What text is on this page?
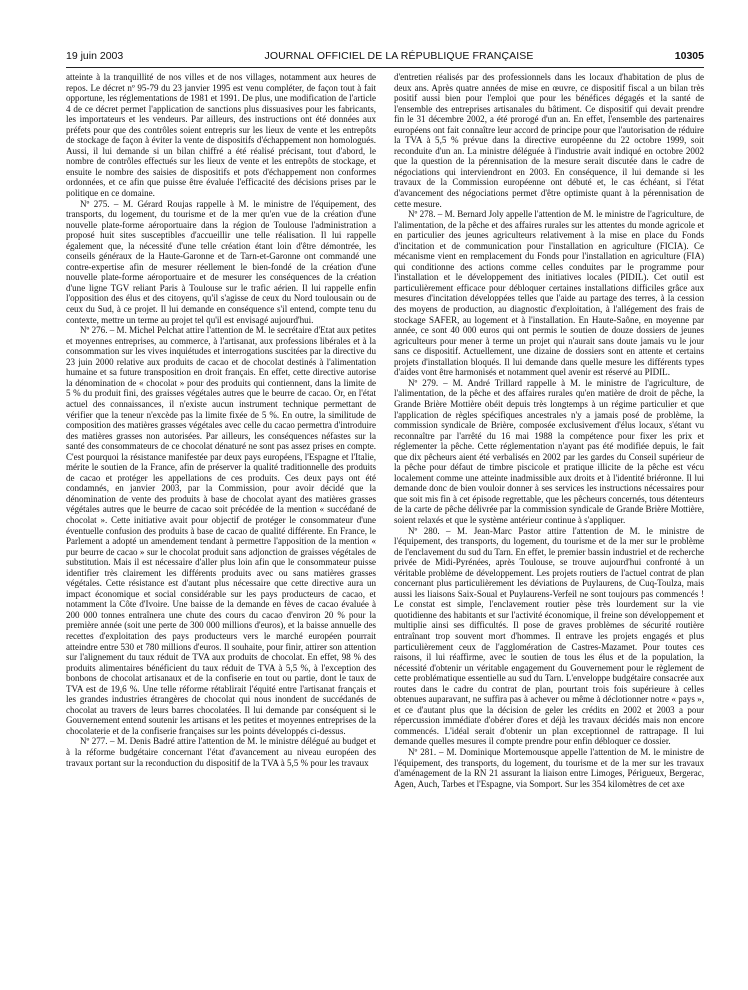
19 juin 2003	JOURNAL OFFICIEL DE LA RÉPUBLIQUE FRANÇAISE	10305

atteinte à la tranquillité de nos villes et de nos villages, notamment aux heures de repos. Le décret nº 95-79 du 23 janvier 1995 est venu compléter, de façon tout à fait opportune, les réglementations de 1981 et 1991. De plus, une modification de l'article 4 de ce décret permet l'application de sanctions plus dissuasives pour les fabricants, les importateurs et les vendeurs. Par ailleurs, des instructions ont été données aux préfets pour que des contrôles soient entrepris sur les lieux de vente et les entrepôts de stockage de façon à éviter la vente de dispositifs d'échappement non homologués. Aussi, il lui demande si un bilan chiffré a été réalisé précisant, tout d'abord, le nombre de contrôles effectués sur les lieux de vente et les entrepôts de stockage, et ensuite le nombre des saisies de dispositifs et pots d'échappement non conformes ordonnées, et ce afin que puisse être évaluée l'efficacité des décisions prises par le politique en ce domaine.

Nº 275. – M. Gérard Roujas rappelle à M. le ministre de l'équipement, des transports, du logement, du tourisme et de la mer qu'en vue de la création d'une nouvelle plate-forme aéroportuaire dans la région de Toulouse l'administration a proposé huit sites susceptibles d'accueillir une telle réalisation. Il lui rappelle également que, la nécessité d'une telle création étant loin d'être démontrée, les conseils généraux de la Haute-Garonne et de Tarn-et-Garonne ont commandé une contre-expertise afin de mesurer réellement le bien-fondé de la création d'une nouvelle plate-forme aéroportuaire et de mesurer les conséquences de la création d'une ligne TGV reliant Paris à Toulouse sur le trafic aérien. Il lui rappelle enfin l'opposition des élus et des citoyens, qu'il s'agisse de ceux du Nord toulousain ou de ceux du Sud, à ce projet. Il lui demande en conséquence s'il entend, compte tenu du contexte, mettre un terme au projet tel qu'il est envisagé aujourd'hui.

Nº 276. – M. Michel Pelchat attire l'attention de M. le secrétaire d'Etat aux petites et moyennes entreprises, au commerce, à l'artisanat, aux professions libérales et à la consommation sur les vives inquiétudes et interrogations suscitées par la directive du 23 juin 2000 relative aux produits de cacao et de chocolat destinés à l'alimentation humaine et sa future transposition en droit français. En effet, cette directive autorise la dénomination de « chocolat » pour des produits qui contiennent, dans la limite de 5 % du produit fini, des graisses végétales autres que le beurre de cacao. Or, en l'état actuel des connaissances, il n'existe aucun instrument technique permettant de vérifier que la teneur n'excède pas la limite fixée de 5 %. En outre, la similitude de composition des matières grasses végétales avec celle du cacao permettra d'introduire des matières grasses non autorisées. Par ailleurs, les conséquences néfastes sur la santé des consommateurs de ce chocolat dénaturé ne sont pas assez prises en compte. C'est pourquoi la résistance manifestée par deux pays européens, l'Espagne et l'Italie, mérite le soutien de la France, afin de préserver la qualité traditionnelle des produits de cacao et protéger les appellations de ces produits. Ces deux pays ont été condamnés, en janvier 2003, par la Commission, pour avoir décidé que la dénomination de vente des produits à base de chocolat ayant des matières grasses végétales autres que le beurre de cacao soit précédée de la mention « succédané de chocolat ». Cette initiative avait pour objectif de protéger le consommateur d'une éventuelle confusion des produits à base de cacao de qualité différente. En France, le Parlement a adopté un amendement tendant à permettre l'apposition de la mention « pur beurre de cacao » sur le chocolat produit sans adjonction de graisses végétales de substitution. Mais il est nécessaire d'aller plus loin afin que le consommateur puisse identifier très clairement les différents produits avec ou sans matières grasses végétales. Cette résistance est d'autant plus nécessaire que cette directive aura un impact économique et social considérable sur les pays producteurs de cacao, et notamment la Côte d'Ivoire. Une baisse de la demande en fèves de cacao évaluée à 200 000 tonnes entraînera une chute des cours du cacao d'environ 20 % pour la première année (soit une perte de 300 000 millions d'euros), et la baisse annuelle des recettes d'exploitation des pays producteurs vers le marché européen pourrait atteindre entre 530 et 780 millions d'euros. Il souhaite, pour finir, attirer son attention sur l'alignement du taux réduit de TVA aux produits de chocolat. En effet, 98 % des produits alimentaires bénéficient du taux réduit de TVA à 5,5 %, à l'exception des bonbons de chocolat artisanaux et de la confiserie en tout ou partie, dont le taux de TVA est de 19,6 %. Une telle réforme rétablirait l'équité entre l'artisanat français et les grandes industries étrangères de chocolat qui nous inondent de succédanés de chocolat au travers de leurs barres chocolatées. Il lui demande par conséquent si le Gouvernement entend soutenir les artisans et les petites et moyennes entreprises de la chocolaterie et de la confiserie françaises sur les points développés ci-dessus.

Nº 277. – M. Denis Badré attire l'attention de M. le ministre délégué au budget et à la réforme budgétaire concernant l'état d'avancement au niveau européen des travaux portant sur la reconduction du dispositif de la TVA à 5,5 % pour les travaux

d'entretien réalisés par des professionnels dans les locaux d'habitation de plus de deux ans. Après quatre années de mise en œuvre, ce dispositif fiscal a un bilan très positif aussi bien pour l'emploi que pour les bénéfices dégagés et la santé de l'ensemble des entreprises artisanales du bâtiment. Ce dispositif qui devait prendre fin le 31 décembre 2002, a été prorogé d'un an. En effet, l'ensemble des partenaires européens ont fait connaître leur accord de principe pour que l'autorisation de réduire la TVA à 5,5 % prévue dans la directive européenne du 22 octobre 1999, soit reconduite d'un an. La ministre déléguée à l'industrie avait indiqué en octobre 2002 que la question de la pérennisation de la mesure serait discutée dans le cadre de négociations qui interviendront en 2003. En conséquence, il lui demande si les travaux de la Commission européenne ont débuté et, le cas échéant, si l'état d'avancement des négociations permet d'être optimiste quant à la pérennisation de cette mesure.

Nº 278. – M. Bernard Joly appelle l'attention de M. le ministre de l'agriculture, de l'alimentation, de la pêche et des affaires rurales sur les attentes du monde agricole et en particulier des jeunes agriculteurs relativement à la mise en place du Fonds d'incitation et de communication pour l'installation en agriculture (FICIA). Ce mécanisme vient en remplacement du Fonds pour l'installation en agriculture (FIA) qui conditionne des actions comme celles conduites par le programme pour l'installation et le développement des initiatives locales (PIDIL). Cet outil est particulièrement efficace pour débloquer certaines installations difficiles grâce aux mesures d'incitation développées telles que l'aide au partage des terres, à la cession des moyens de production, au diagnostic d'exploitation, à l'allégement des frais de stockage SAFER, au logement et à l'installation. En Haute-Saône, en moyenne par année, ce sont 40 000 euros qui ont permis le soutien de douze dossiers de jeunes agriculteurs pour mener à terme un projet qui n'aurait sans doute jamais vu le jour sans ce dispositif. Actuellement, une dizaine de dossiers sont en attente et certains projets d'installation bloqués. Il lui demande dans quelle mesure les différents types d'aides vont être harmonisés et notamment quel avenir est réservé au PIDIL.

Nº 279. – M. André Trillard rappelle à M. le ministre de l'agriculture, de l'alimentation, de la pêche et des affaires rurales qu'en matière de droit de pêche, la Grande Brière Mottière obéit depuis très longtemps à un régime particulier et que l'application de règles spécifiques ancestrales n'y a jamais posé de problème, la commission syndicale de Brière, composée exclusivement d'élus locaux, s'étant vu reconnaître par l'arrêté du 16 mai 1988 la compétence pour fixer les prix et réglementer la pêche. Cette réglementation n'ayant pas été modifiée depuis, le fait que dix pêcheurs aient été verbalisés en 2002 par les gardes du Conseil supérieur de la pêche pour défaut de timbre piscicole et pratique illicite de la pêche est vécu localement comme une atteinte inadmissible aux droits et à l'identité briéronne. Il lui demande donc de bien vouloir donner à ses services les instructions nécessaires pour que soit mis fin à cet épisode regrettable, que les pêcheurs concernés, tous détenteurs de la carte de pêche délivrée par la commission syndicale de Grande Brière Mottière, soient relaxés et que le système antérieur continue à s'appliquer.

Nº 280. – M. Jean-Marc Pastor attire l'attention de M. le ministre de l'équipement, des transports, du logement, du tourisme et de la mer sur le problème de l'enclavement du sud du Tarn. En effet, le premier bassin industriel et de recherche privée de Midi-Pyrénées, après Toulouse, se trouve aujourd'hui confronté à un véritable problème de développement. Les projets routiers de l'actuel contrat de plan concernant plus particulièrement les déviations de Puylaurens, de Cuq-Toulza, mais aussi les liaisons Saix-Soual et Puylaurens-Verfeil ne sont toujours pas commencés ! Le constat est simple, l'enclavement routier pèse très lourdement sur la vie quotidienne des habitants et sur l'activité économique, il freine son développement et multiplie ainsi ses difficultés. Il pose de graves problèmes de sécurité routière entraînant trop souvent mort d'hommes. Il entrave les projets engagés et plus particulièrement ceux de l'agglomération de Castres-Mazamet. Pour toutes ces raisons, il lui réaffirme, avec le soutien de tous les élus et de la population, la nécessité d'obtenir un véritable engagement du Gouvernement pour le règlement de cette problématique essentielle au sud du Tarn. L'enveloppe budgétaire consacrée aux routes dans le cadre du contrat de plan, pourtant trois fois supérieure à celles obtenues auparavant, ne suffira pas à achever ou même à déclotionner notre « pays », et ce d'autant plus que la décision de geler les crédits en 2002 et 2003 a pour répercussion immédiate d'obérer d'ores et déjà les travaux décidés mais non encore commencés. L'idéal serait d'obtenir un plan exceptionnel de rattrapage. Il lui demande quelles mesures il compte prendre pour enfin débloquer ce dossier.

Nº 281. – M. Dominique Mortemousque appelle l'attention de M. le ministre de l'équipement, des transports, du logement, du tourisme et de la mer sur les travaux d'aménagement de la RN 21 assurant la liaison entre Limoges, Périgueux, Bergerac, Agen, Auch, Tarbes et l'Espagne, via Somport. Sur les 354 kilomètres de cet axe
